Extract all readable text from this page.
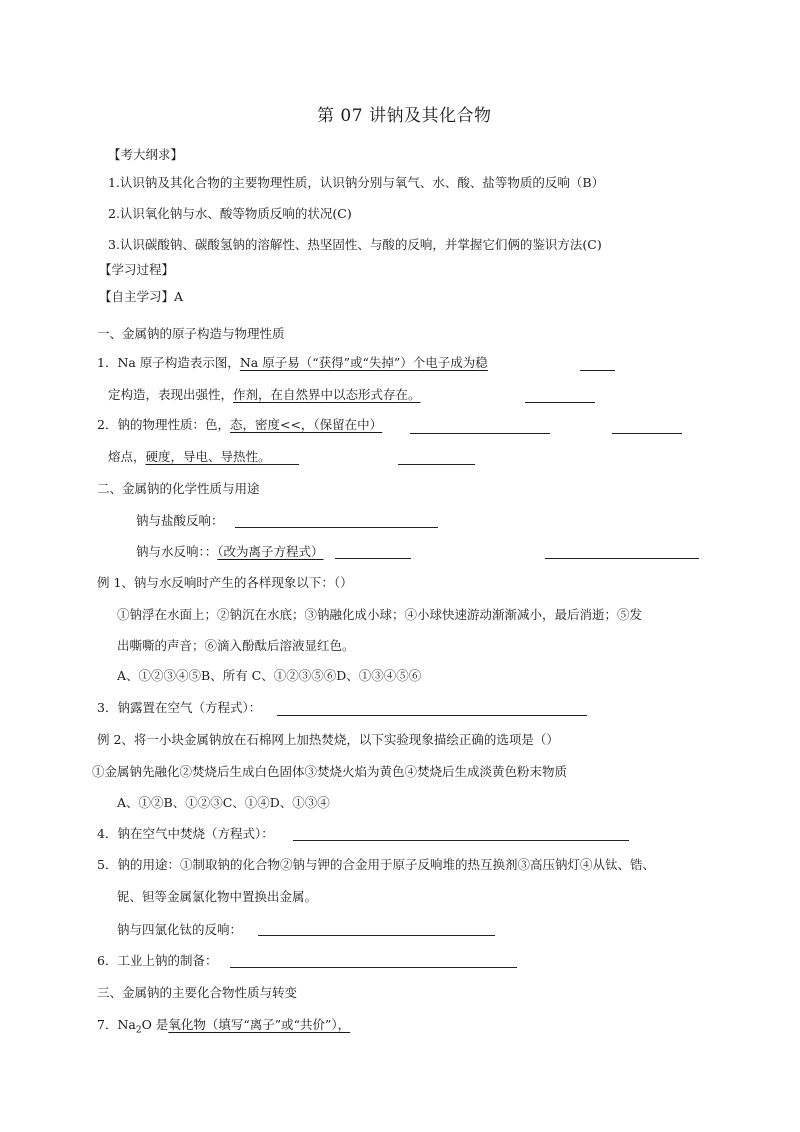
第 07 讲钠及其化合物
【考大纲求】
1.认识钠及其化合物的主要物理性质，认识钠分别与氧气、水、酸、盐等物质的反响（B）
2.认识氧化钠与水、酸等物质反响的状况(C)
3.认识碳酸钠、碳酸氢钠的溶解性、热坚固性、与酸的反响，并掌握它们俩的鉴识方法(C)
【学习过程】
【自主学习】A
一、金属钠的原子构造与物理性质
1．Na 原子构造表示图，Na 原子易（“获得”或“失掉”）个电子成为稳
定构造，表现出强性，作剂，在自然界中以态形式存在。
2．钠的物理性质：色，态，密度<<，（保留在中）
熔点，硬度，导电、导热性。
二、金属钠的化学性质与用途
钠与盐酸反响：
钠与水反响：：（改为离子方程式）
例 1、钠与水反响时产生的各样现象以下：（）
①钠浮在水面上；②钠沉在水底；③钠融化成小球；④小球快速游动渐渐减小，最后消逝；⑤发
出嘶嘶的声音；⑥滴入酚酞后溶液显红色。
A、①②③④⑤B、所有 C、①②③⑤⑥D、①③④⑤⑥
3．钠露置在空气（方程式）：
例 2、将一小块金属钠放在石棉网上加热焚烧，以下实验现象描绘正确的选项是（）
①金属钠先融化②焚烧后生成白色固体③焚烧火焰为黄色④焚烧后生成淡黄色粉末物质
A、①②B、①②③C、①④D、①③④
4．钠在空气中焚烧（方程式）：
5．钠的用途：①制取钠的化合物②钠与钾的合金用于原子反响堆的热互换剂③高压钠灯④从钛、锆、
铌、钽等金属氯化物中置换出金属。
钠与四氯化钛的反响：
6．工业上钠的制备：
三、金属钠的主要化合物性质与转变
7．$Na_2O$ 是氧化物（填写“离子”或“共价”），
